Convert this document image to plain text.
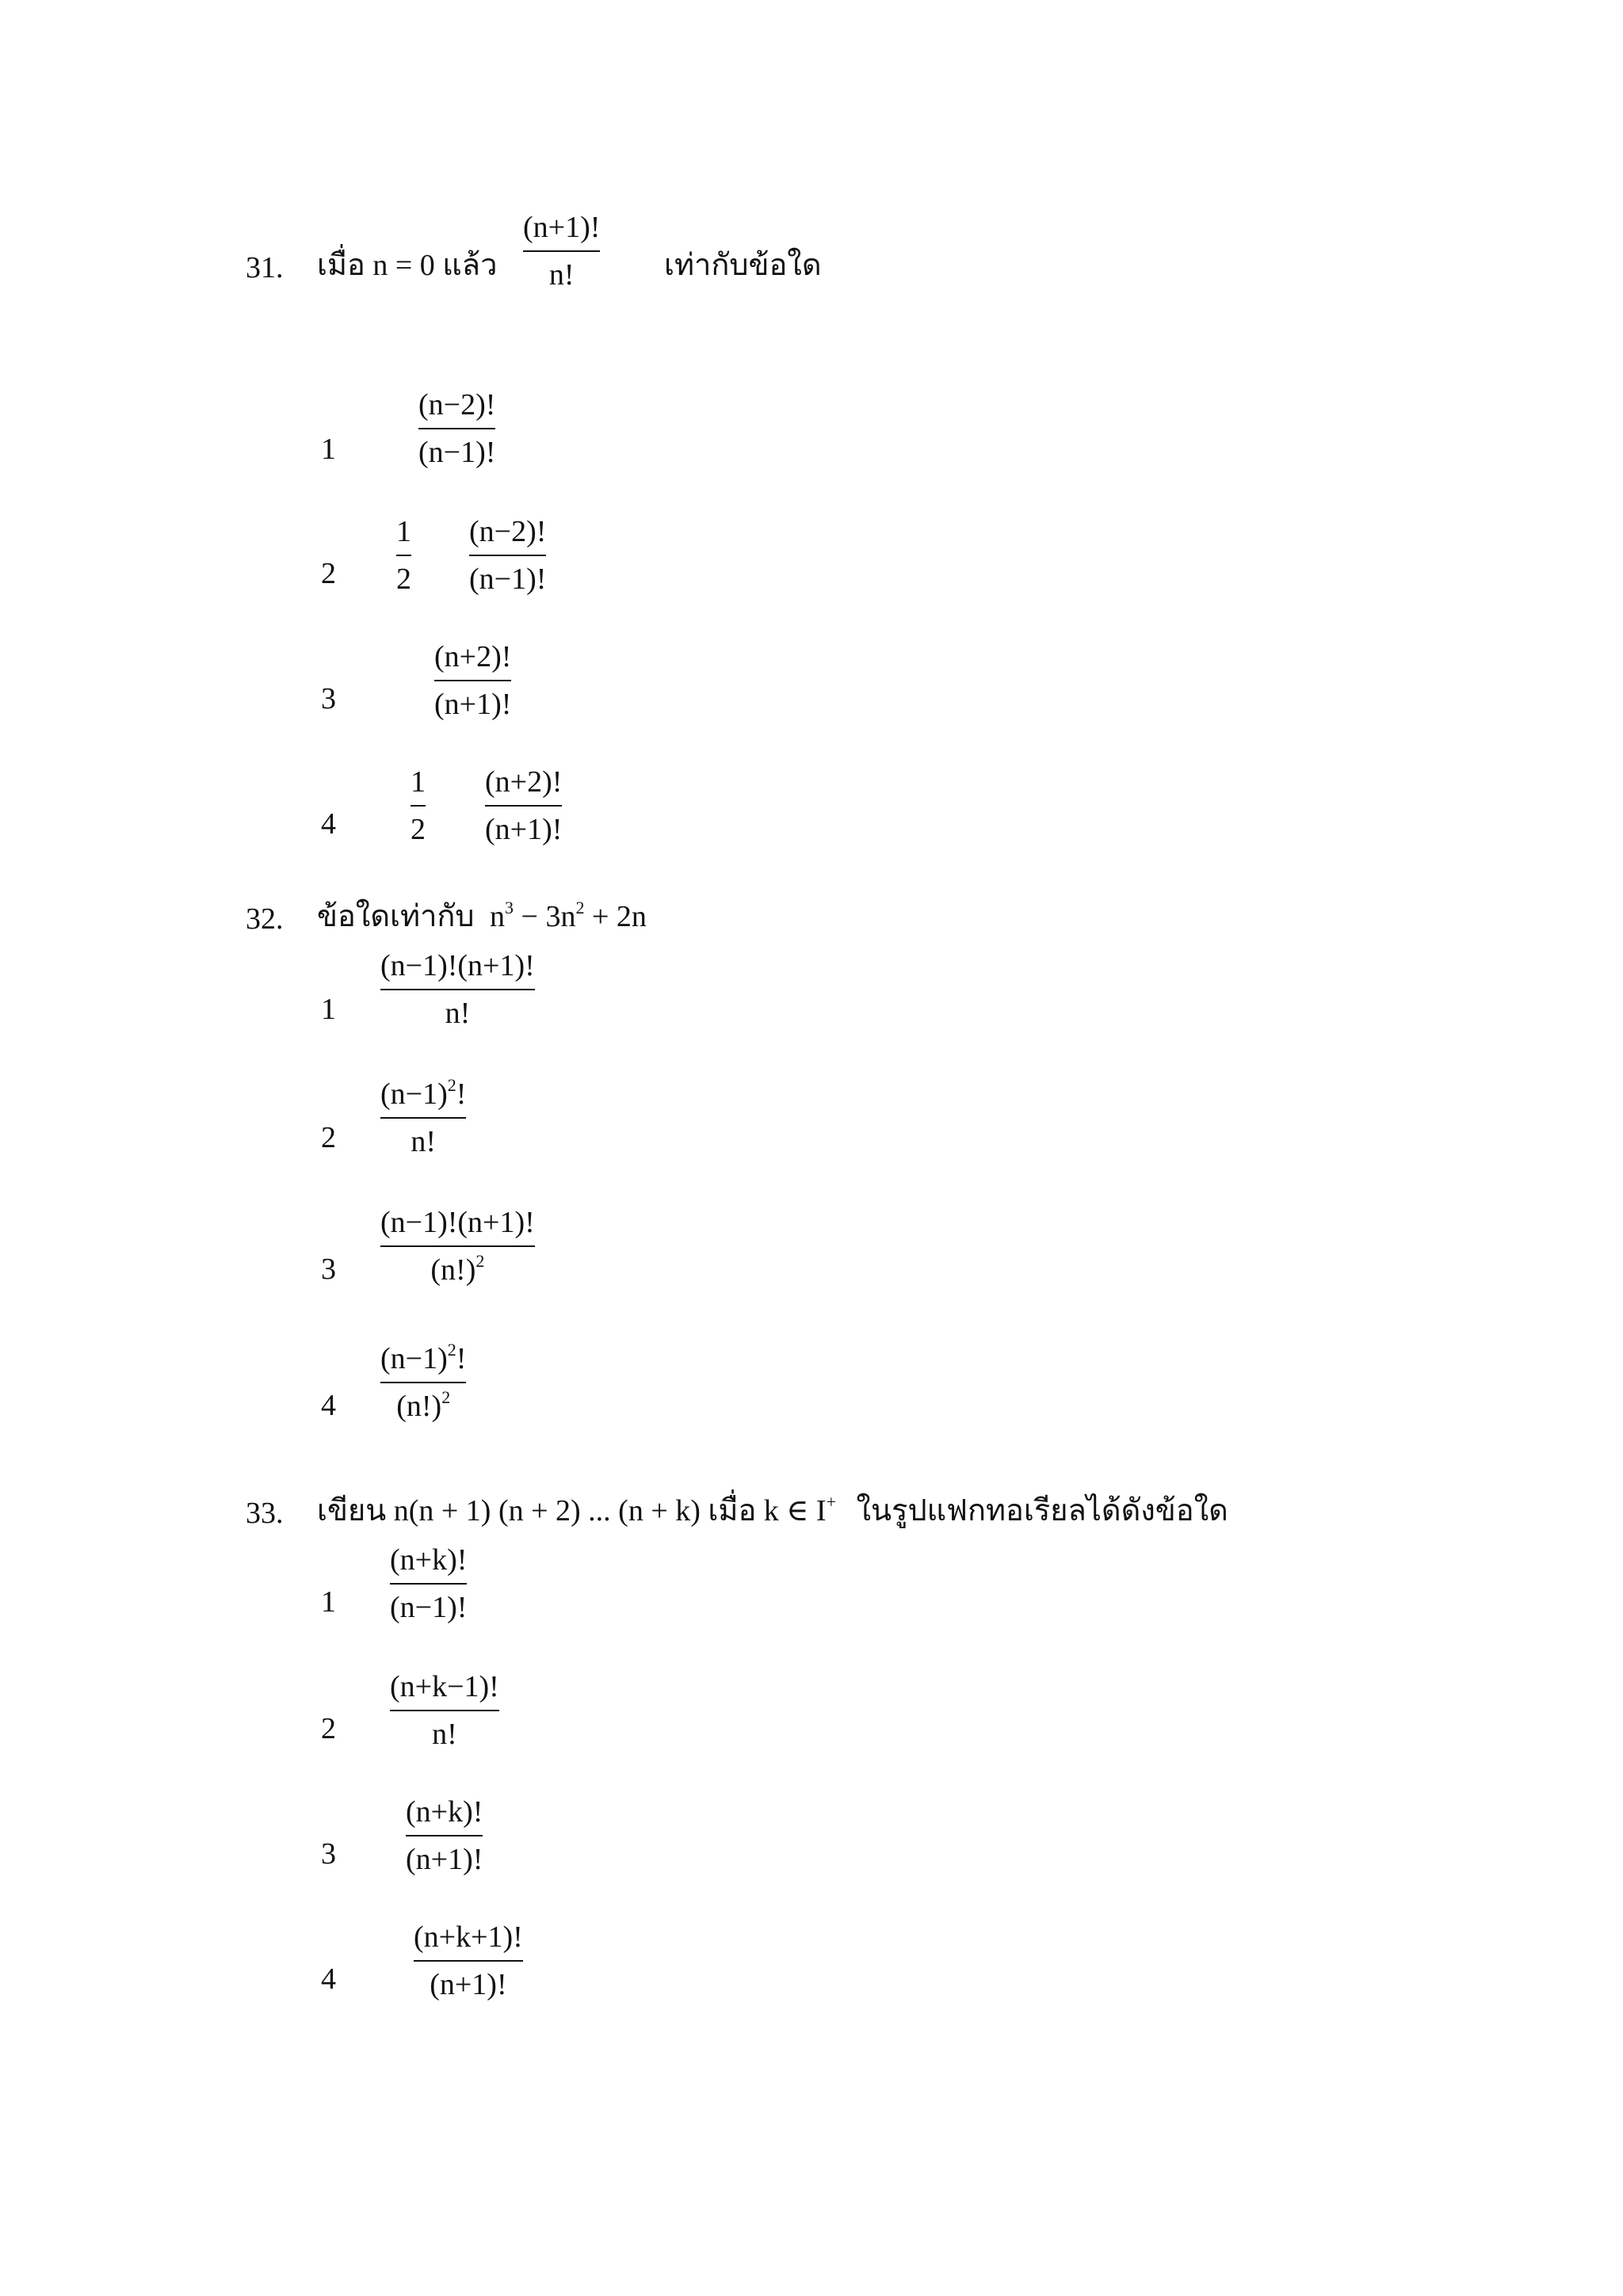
31. เมื่อ n = 0 แล้ว
(n+1)!
n!	เท่ากับข้อใด
1
(n−2)!
(n−1)!
2
1
2
(n−2)!
(n−1)!
3
(n+2)!
(n+1)!
4
1
2
(n+2)!
(n+1)!
32. ข้อใดเท่ากับ $n^3 - 3n^2 + 2n$
1
(n−1)!(n+1)!
n!
2
$(n-1)^2$!
n!
3
(n−1)!(n+1)!
$(n!)^2$
4
$(n-1)^2$!
$(n!)^2$
33. เขียน n(n + 1) (n + 2) ... (n + k) เมื่อ k ∈ I+ ในรูปแฟกทอเรียลได้ดังข้อใด
1
(n+k)!
(n−1)!
2
(n+k−1)!
n!
3
(n+k)!
(n+1)!
4
(n+k+1)!
(n+1)!
